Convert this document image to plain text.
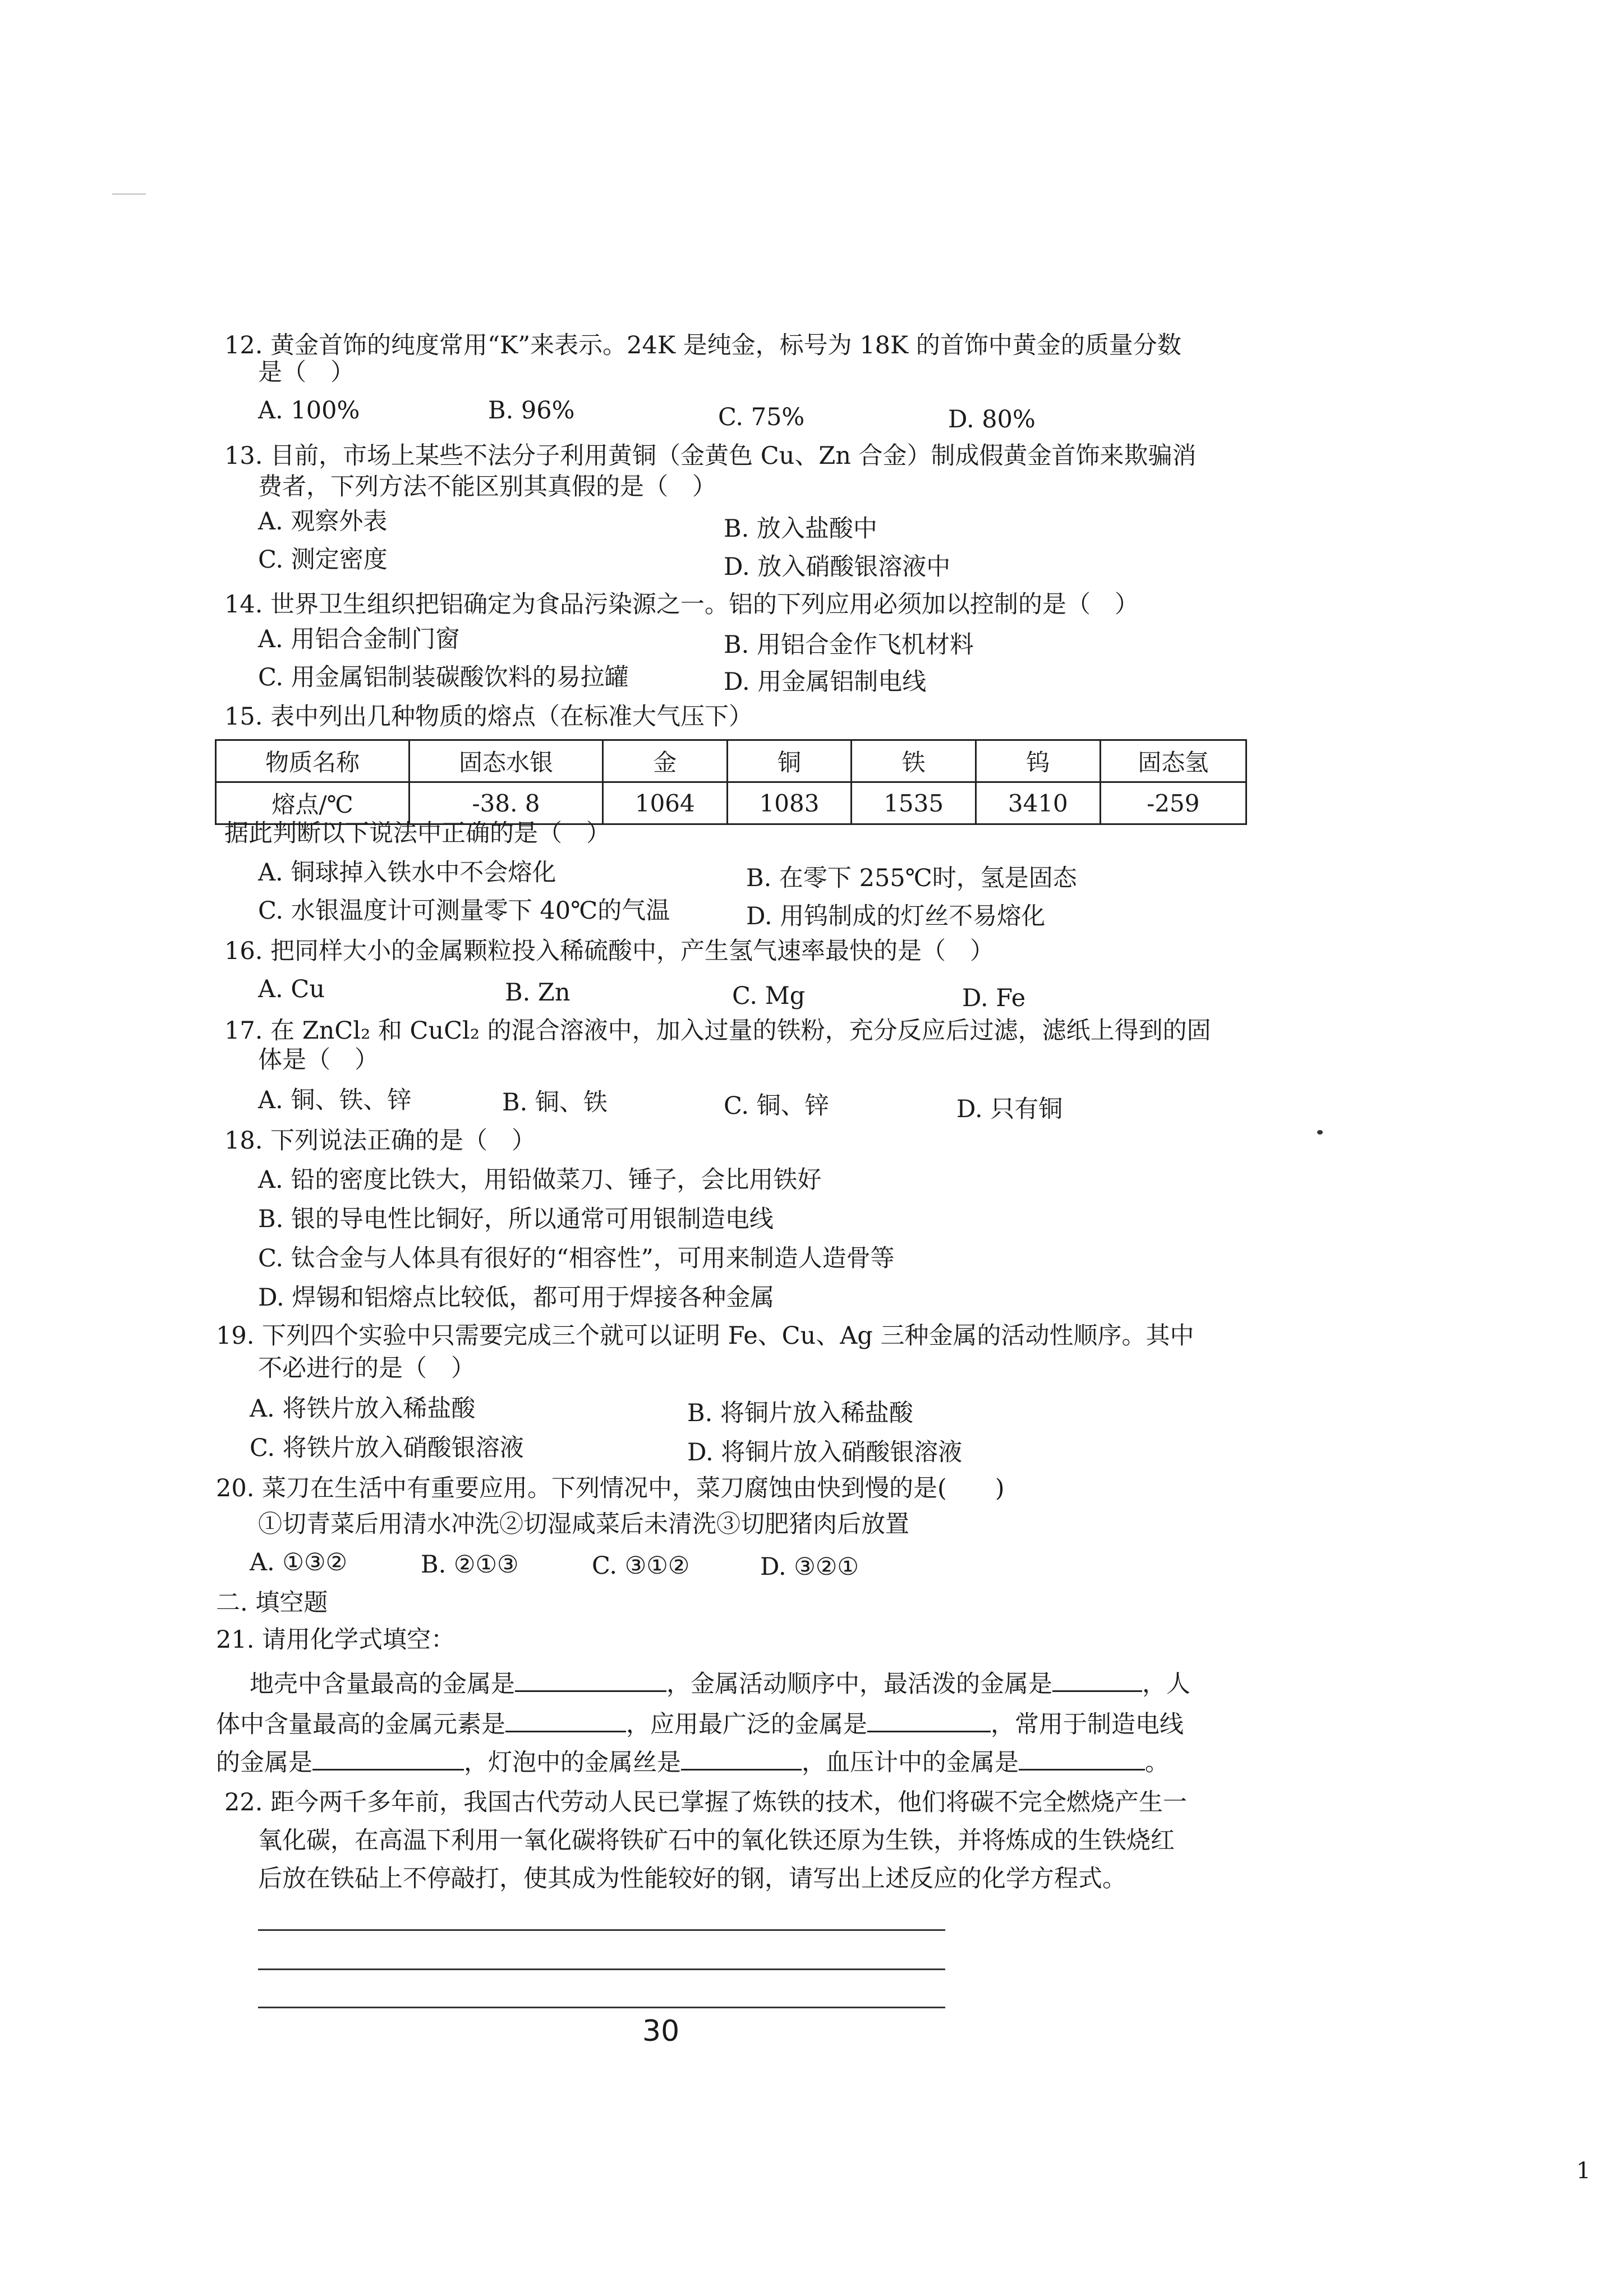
12. 黄金首饰的纯度常用“K”来表示。24K 是纯金，标号为 18K 的首饰中黄金的质量分数
是（　）
A. 100%	B. 96%	C. 75%	D. 80%
13. 目前，市场上某些不法分子利用黄铜（金黄色 Cu、Zn 合金）制成假黄金首饰来欺骗消
费者，下列方法不能区别其真假的是（　）
A. 观察外表	B. 放入盐酸中
C. 测定密度	D. 放入硝酸银溶液中
14. 世界卫生组织把铝确定为食品污染源之一。铝的下列应用必须加以控制的是（　）
A. 用铝合金制门窗	B. 用铝合金作飞机材料
C. 用金属铝制装碳酸饮料的易拉罐	D. 用金属铝制电线
15. 表中列出几种物质的熔点（在标准大气压下）
物质名称	固态水银	金	铜	铁	钨	固态氢
熔点/℃	-38. 8	1064	1083	1535	3410	-259
据此判断以下说法中正确的是（　）
A. 铜球掉入铁水中不会熔化	B. 在零下 255℃时，氢是固态
C. 水银温度计可测量零下 40℃的气温	D. 用钨制成的灯丝不易熔化
16. 把同样大小的金属颗粒投入稀硫酸中，产生氢气速率最快的是（　）
A. Cu	B. Zn	C. Mg	D. Fe
17. 在 ZnCl₂ 和 CuCl₂ 的混合溶液中，加入过量的铁粉，充分反应后过滤，滤纸上得到的固
体是（　）
A. 铜、铁、锌	B. 铜、铁	C. 铜、锌	D. 只有铜
18. 下列说法正确的是（　）
A. 铅的密度比铁大，用铅做菜刀、锤子，会比用铁好
B. 银的导电性比铜好，所以通常可用银制造电线
C. 钛合金与人体具有很好的“相容性”，可用来制造人造骨等
D. 焊锡和铝熔点比较低，都可用于焊接各种金属
19. 下列四个实验中只需要完成三个就可以证明 Fe、Cu、Ag 三种金属的活动性顺序。其中
不必进行的是（　）
A. 将铁片放入稀盐酸	B. 将铜片放入稀盐酸
C. 将铁片放入硝酸银溶液	D. 将铜片放入硝酸银溶液
20. 菜刀在生活中有重要应用。下列情况中，菜刀腐蚀由快到慢的是(　　)
①切青菜后用清水冲洗②切湿咸菜后未清洗③切肥猪肉后放置
A. ①③②	B. ②①③	C. ③①②	D. ③②①
二. 填空题
21. 请用化学式填空：
地壳中含量最高的金属是	，金属活动顺序中，最活泼的金属是	，人
体中含量最高的金属元素是	，应用最广泛的金属是	，常用于制造电线
的金属是	，灯泡中的金属丝是	，血压计中的金属是	。
22. 距今两千多年前，我国古代劳动人民已掌握了炼铁的技术，他们将碳不完全燃烧产生一
氧化碳，在高温下利用一氧化碳将铁矿石中的氧化铁还原为生铁，并将炼成的生铁烧红
后放在铁砧上不停敲打，使其成为性能较好的钢，请写出上述反应的化学方程式。
30
1
